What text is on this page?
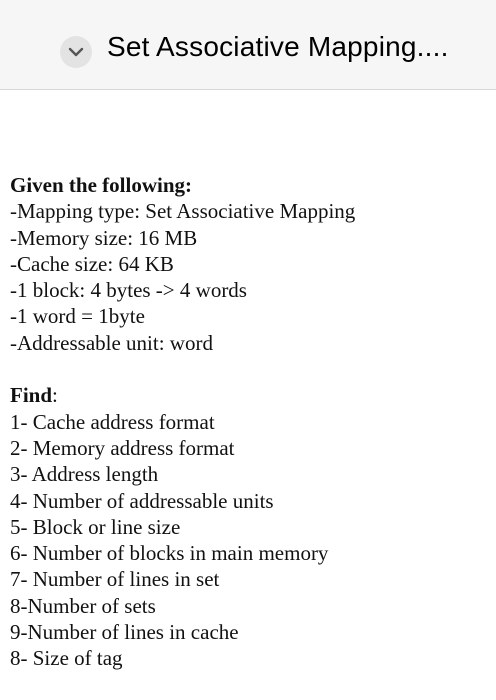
Set Associative Mapping....
Given the following:
-Mapping type: Set Associative Mapping
-Memory size: 16 MB
-Cache size: 64 KB
-1 block: 4 bytes -> 4 words
-1 word = 1byte
-Addressable unit: word
Find:
1- Cache address format
2- Memory address format
3- Address length
4- Number of addressable units
5- Block or line size
6- Number of blocks in main memory
7- Number of lines in set
8-Number of sets
9-Number of lines in cache
8- Size of tag
